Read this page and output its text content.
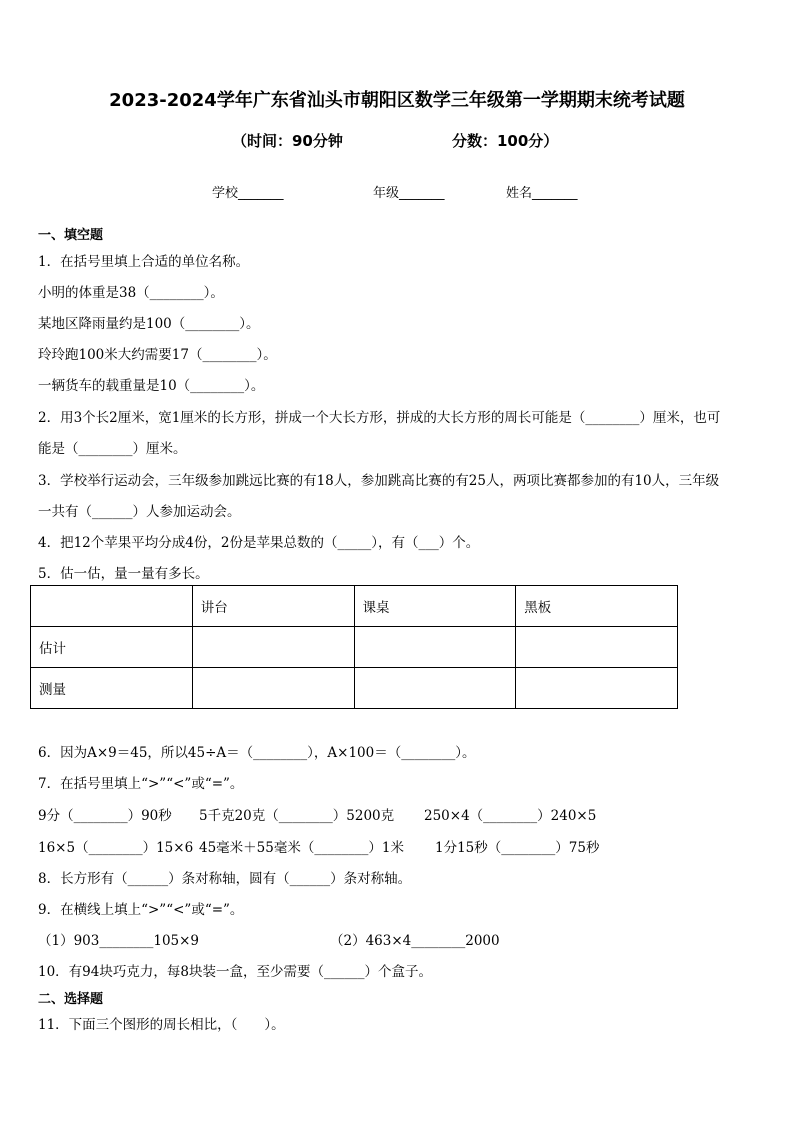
2023-2024学年广东省汕头市朝阳区数学三年级第一学期期末统考试题
（时间：90分钟	分数：100分）
学校_______	年级_______	姓名_______
一、填空题
1．在括号里填上合适的单位名称。
小明的体重是38（________）。
某地区降雨量约是100（________）。
玲玲跑100米大约需要17（________）。
一辆货车的载重量是10（________）。
2．用3个长2厘米，宽1厘米的长方形，拼成一个大长方形，拼成的大长方形的周长可能是（________）厘米，也可
能是（________）厘米。
3．学校举行运动会，三年级参加跳远比赛的有18人，参加跳高比赛的有25人，两项比赛都参加的有10人，三年级
一共有（______）人参加运动会。
4．把12个苹果平均分成4份，2份是苹果总数的（_____），有（___）个。
5．估一估，量一量有多长。
	讲台	课桌	黑板
估计			
测量			
6．因为A×9＝45，所以45÷A＝（________），A×100＝（________）。
7．在括号里填上“>”“<”或“=”。
9分（________）90秒 5千克20克（________）5200克 250×4（________）240×5
16×5（________）15×6 45毫米＋55毫米（________）1米 1分15秒（________）75秒
8．长方形有（______）条对称轴，圆有（______）条对称轴。
9．在横线上填上“>”“<”或“=”。
（1）903________105×9	（2）463×4________2000
10．有94块巧克力，每8块装一盒，至少需要（______）个盒子。
二、选择题
11．下面三个图形的周长相比，（　　）。
